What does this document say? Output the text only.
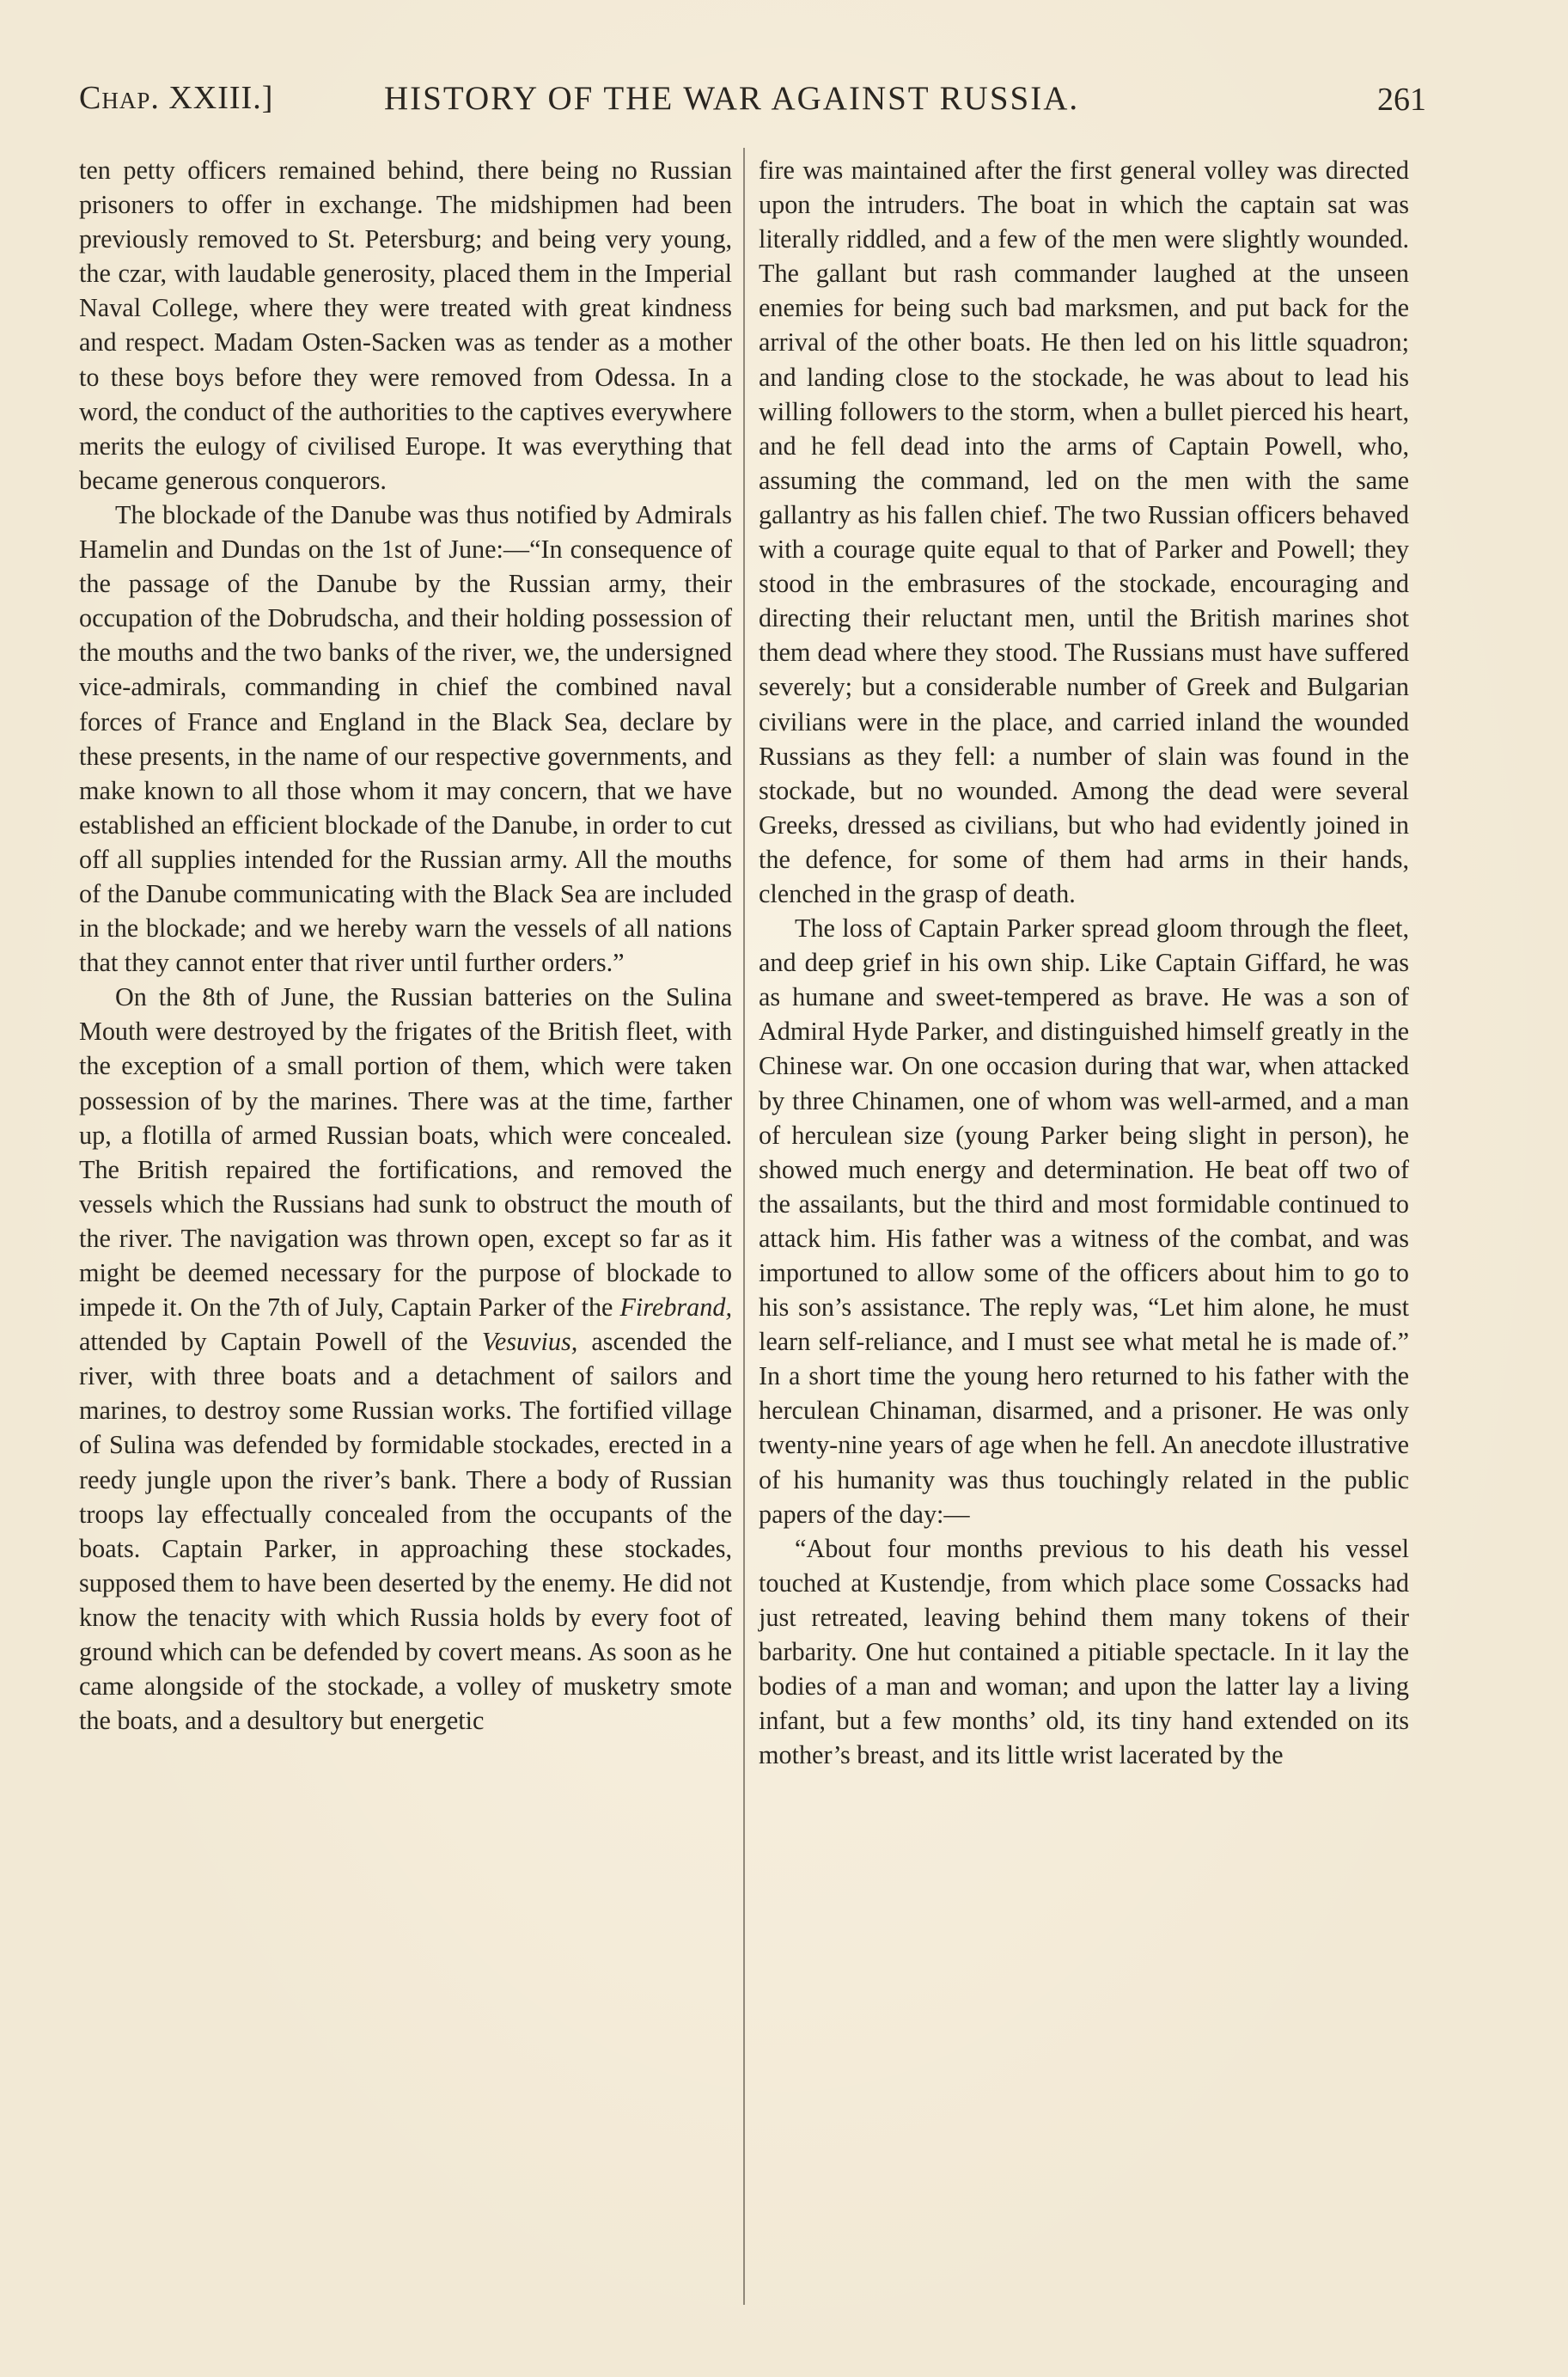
Chap. XXIII.]	HISTORY OF THE WAR AGAINST RUSSIA.	261

ten petty officers remained behind, there being no Russian prisoners to offer in exchange. The midshipmen had been previously removed to St. Petersburg; and being very young, the czar, with laudable generosity, placed them in the Imperial Naval College, where they were treated with great kindness and respect. Madam Osten-Sacken was as tender as a mother to these boys before they were removed from Odessa. In a word, the conduct of the authorities to the captives everywhere merits the eulogy of civilised Europe. It was everything that became generous conquerors.

The blockade of the Danube was thus notified by Admirals Hamelin and Dundas on the 1st of June:—“In consequence of the passage of the Danube by the Russian army, their occupation of the Dobrudscha, and their holding possession of the mouths and the two banks of the river, we, the undersigned vice-admirals, commanding in chief the combined naval forces of France and England in the Black Sea, declare by these presents, in the name of our respective governments, and make known to all those whom it may concern, that we have established an efficient blockade of the Danube, in order to cut off all supplies intended for the Russian army. All the mouths of the Danube communicating with the Black Sea are included in the blockade; and we hereby warn the vessels of all nations that they cannot enter that river until further orders.”

On the 8th of June, the Russian batteries on the Sulina Mouth were destroyed by the frigates of the British fleet, with the exception of a small portion of them, which were taken possession of by the marines. There was at the time, farther up, a flotilla of armed Russian boats, which were concealed. The British repaired the fortifications, and removed the vessels which the Russians had sunk to obstruct the mouth of the river. The navigation was thrown open, except so far as it might be deemed necessary for the purpose of blockade to impede it. On the 7th of July, Captain Parker of the Firebrand, attended by Captain Powell of the Vesuvius, ascended the river, with three boats and a detachment of sailors and marines, to destroy some Russian works. The fortified village of Sulina was defended by formidable stockades, erected in a reedy jungle upon the river’s bank. There a body of Russian troops lay effectually concealed from the occupants of the boats. Captain Parker, in approaching these stockades, supposed them to have been deserted by the enemy. He did not know the tenacity with which Russia holds by every foot of ground which can be defended by covert means. As soon as he came alongside of the stockade, a volley of musketry smote the boats, and a desultory but energetic

fire was maintained after the first general volley was directed upon the intruders. The boat in which the captain sat was literally riddled, and a few of the men were slightly wounded. The gallant but rash commander laughed at the unseen enemies for being such bad marksmen, and put back for the arrival of the other boats. He then led on his little squadron; and landing close to the stockade, he was about to lead his willing followers to the storm, when a bullet pierced his heart, and he fell dead into the arms of Captain Powell, who, assuming the command, led on the men with the same gallantry as his fallen chief. The two Russian officers behaved with a courage quite equal to that of Parker and Powell; they stood in the embrasures of the stockade, encouraging and directing their reluctant men, until the British marines shot them dead where they stood. The Russians must have suffered severely; but a considerable number of Greek and Bulgarian civilians were in the place, and carried inland the wounded Russians as they fell: a number of slain was found in the stockade, but no wounded. Among the dead were several Greeks, dressed as civilians, but who had evidently joined in the defence, for some of them had arms in their hands, clenched in the grasp of death.

The loss of Captain Parker spread gloom through the fleet, and deep grief in his own ship. Like Captain Giffard, he was as humane and sweet-tempered as brave. He was a son of Admiral Hyde Parker, and distinguished himself greatly in the Chinese war. On one occasion during that war, when attacked by three Chinamen, one of whom was well-armed, and a man of herculean size (young Parker being slight in person), he showed much energy and determination. He beat off two of the assailants, but the third and most formidable continued to attack him. His father was a witness of the combat, and was importuned to allow some of the officers about him to go to his son’s assistance. The reply was, “Let him alone, he must learn self-reliance, and I must see what metal he is made of.” In a short time the young hero returned to his father with the herculean Chinaman, disarmed, and a prisoner. He was only twenty-nine years of age when he fell. An anecdote illustrative of his humanity was thus touchingly related in the public papers of the day:—

“About four months previous to his death his vessel touched at Kustendje, from which place some Cossacks had just retreated, leaving behind them many tokens of their barbarity. One hut contained a pitiable spectacle. In it lay the bodies of a man and woman; and upon the latter lay a living infant, but a few months’ old, its tiny hand extended on its mother’s breast, and its little wrist lacerated by the
